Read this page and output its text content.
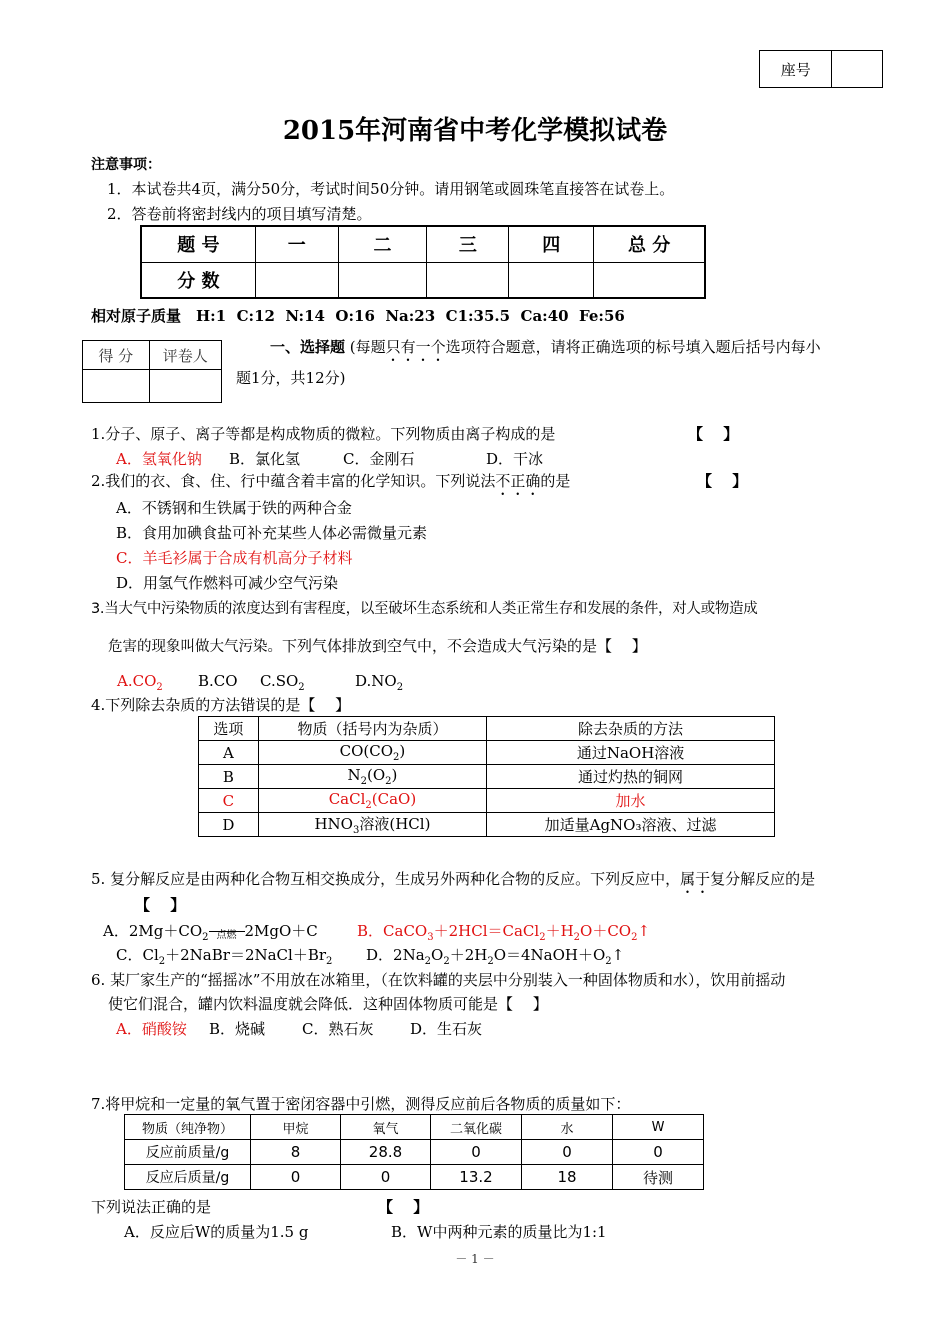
座号	
2015年河南省中考化学模拟试卷
注意事项：
1．本试卷共4页，满分50分，考试时间50分钟。请用钢笔或圆珠笔直接答在试卷上。
2．答卷前将密封线内的项目填写清楚。
题 号	一	二	三	四	总 分
分 数					
相对原子质量　H:1  C:12  N:14  O:16  Na:23  C1:35.5  Ca:40  Fe:56
得 分	评卷人
		一、选择题 (每题只有一个选项符合题意，请将正确选项的标号填入题后括号内每小
题1分，共12分)
1.分子、原子、离子等都是构成物质的微粒。下列物质由离子构成的是	【　 】
A．氢氧化钠 B．氯化氢	C．金刚石	D．干冰
2.我们的衣、食、住、行中蕴含着丰富的化学知识。下列说法不正确的是	【　 】
A．不锈钢和生铁属于铁的两种合金
B．食用加碘食盐可补充某些人体必需微量元素
C．羊毛衫属于合成有机高分子材料
D．用氢气作燃料可减少空气污染
3.当大气中污染物质的浓度达到有害程度，以至破坏生态系统和人类正常生存和发展的条件，对人或物造成
危害的现象叫做大气污染。下列气体排放到空气中，不会造成大气污染的是【　 】
$A.CO_2$ B.CO $C.SO_2$	$D.NO_2$
4.下列除去杂质的方法错误的是【　 】
选项	物质（括号内为杂质）	除去杂质的方法
A	$CO(CO_2)$	通过NaOH溶液
B	$N_2(O_2)$	通过灼热的铜网
C	CaCl$_2$(CaO)	加水
D	$HNO_3$溶液(HCl)	加适量AgNO₃溶液、过滤
5. 复分解反应是由两种化合物互相交换成分，生成另外两种化合物的反应。下列反应中，属于复分解反应的是
【　 】
A．$2Mg+CO_2$ 点燃 2MgO＋C	B．$CaCO_3+2HCl=CaCl_2+H_2O+CO_2↑$
C．$Cl_2+2NaBr=2NaCl+Br_2$ D．$2Na_2O_2+2H_2O=4NaOH+O_2↑$
6. 某厂家生产的“摇摇冰”不用放在冰箱里，（在饮料罐的夹层中分别装入一种固体物质和水），饮用前摇动
使它们混合，罐内饮料温度就会降低．这种固体物质可能是【　 】
A．硝酸铵 B．烧碱 C．熟石灰 D．生石灰
7.将甲烷和一定量的氧气置于密闭容器中引燃，测得反应前后各物质的质量如下：
物质（纯净物）	甲烷	氧气	二氧化碳	水	W
反应前质量/g	8	28.8	0	0	0
反应后质量/g	0	0	13.2	18	待测
下列说法正确的是	【　 】
A．反应后W的质量为1.5 g	B．W中两种元素的质量比为1:1
－ 1 －
